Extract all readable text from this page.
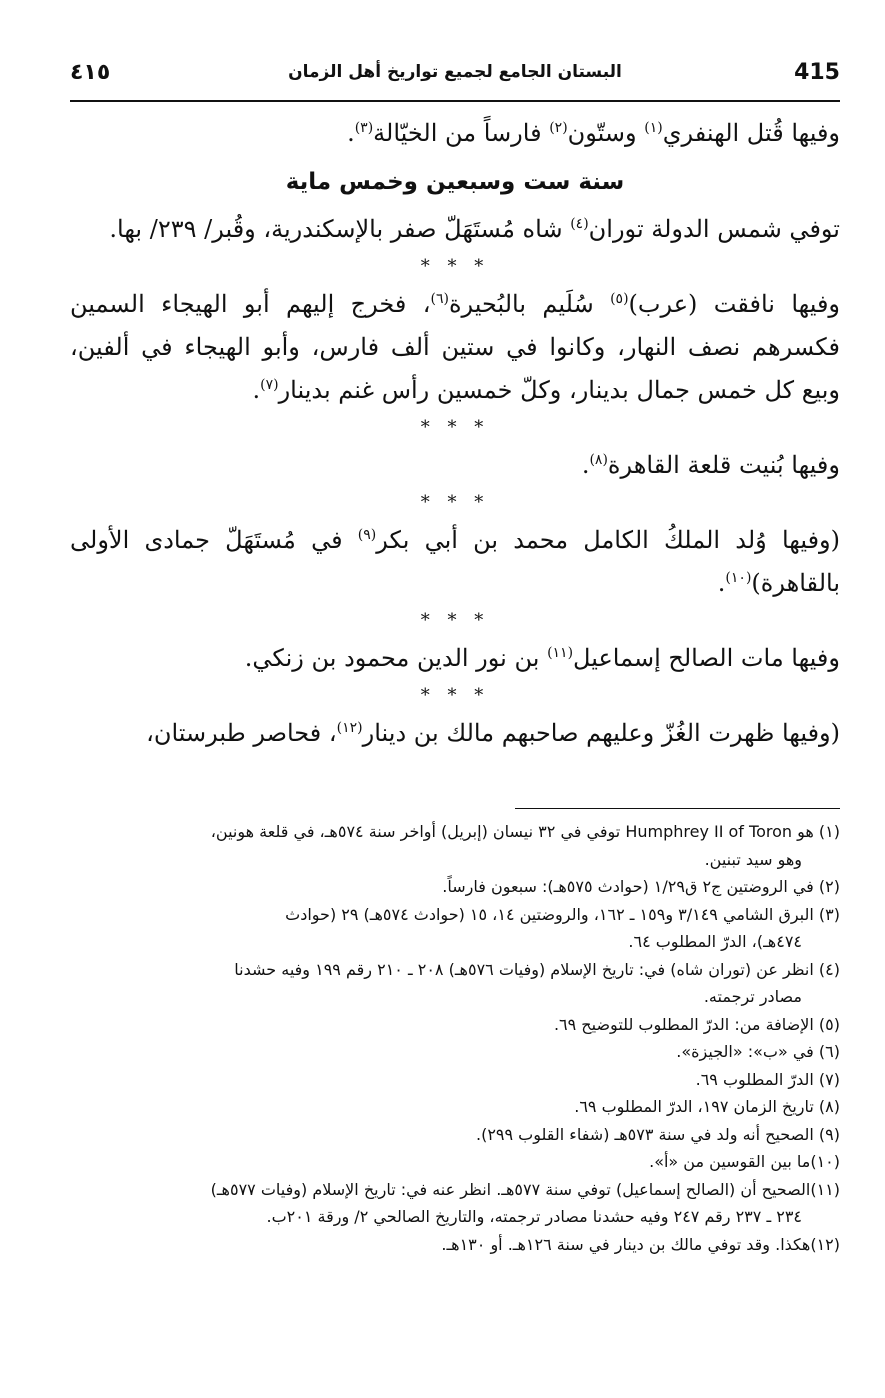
415
البستان الجامع لجميع تواريخ أهل الزمان
٤١٥

وفيها قُتل الهنفري$^{(١)}$ وستّون$^{(٢)}$ فارساً من الخيّالة$^{(٣)}$.

سنة ست وسبعين وخمس ماية

توفي شمس الدولة توران$^{(٤)}$ شاه مُستَهَلّ صفر بالإسكندرية، وقُبر/ ٢٣٩/ بها.

* * *

وفيها نافقت (عرب)$^{(٥)}$ سُلَيم بالبُحيرة$^{(٦)}$، فخرج إليهم أبو الهيجاء السمين فكسرهم نصف النهار، وكانوا في ستين ألف فارس، وأبو الهيجاء في ألفين، وبيع كل خمس جمال بدينار، وكلّ خمسين رأس غنم بدينار$^{(٧)}$.

* * *

وفيها بُنيت قلعة القاهرة$^{(٨)}$.

* * *

(وفيها وُلد الملكُ الكامل محمد بن أبي بكر$^{(٩)}$ في مُستَهَلّ جمادى الأولى بالقاهرة)$^{(١٠)}$.

* * *

وفيها مات الصالح إسماعيل$^{(١١)}$ بن نور الدين محمود بن زنكي.

* * *

(وفيها ظهرت الغُزّ وعليهم صاحبهم مالك بن دينار$^{(١٢)}$، فحاصر طبرستان،

(١) هو Humphrey II of Toron توفي في ٣٢ نيسان (إبريل) أواخر سنة ٥٧٤هـ، في قلعة هونين،

وهو سيد تبنين.

(٢) في الروضتين ج٢ ق١/٢٩ (حوادث ٥٧٥هـ): سبعون فارساً.

(٣) البرق الشامي ٣/١٤٩ و١٥٩ ـ ١٦٢، والروضتين ١٤، ١٥ (حوادث ٥٧٤هـ) ٢٩ (حوادث

٤٧٤هـ)، الدرّ المطلوب ٦٤.

(٤) انظر عن (توران شاه) في: تاريخ الإسلام (وفيات ٥٧٦هـ) ٢٠٨ ـ ٢١٠ رقم ١٩٩ وفيه حشدنا

مصادر ترجمته.

(٥) الإضافة من: الدرّ المطلوب للتوضيح ٦٩.

(٦) في «ب»: «الجيزة».

(٧) الدرّ المطلوب ٦٩.

(٨) تاريخ الزمان ١٩٧، الدرّ المطلوب ٦٩.

(٩) الصحيح أنه ولد في سنة ٥٧٣هـ (شفاء القلوب ٢٩٩).

(١٠)ما بين القوسين من «أ».

(١١)الصحيح أن (الصالح إسماعيل) توفي سنة ٥٧٧هـ. انظر عنه في: تاريخ الإسلام (وفيات ٥٧٧هـ)

٢٣٤ ـ ٢٣٧ رقم ٢٤٧ وفيه حشدنا مصادر ترجمته، والتاريخ الصالحي ٢/ ورقة ٢٠١ب.

(١٢)هكذا. وقد توفي مالك بن دينار في سنة ١٢٦هـ. أو ١٣٠هـ.
